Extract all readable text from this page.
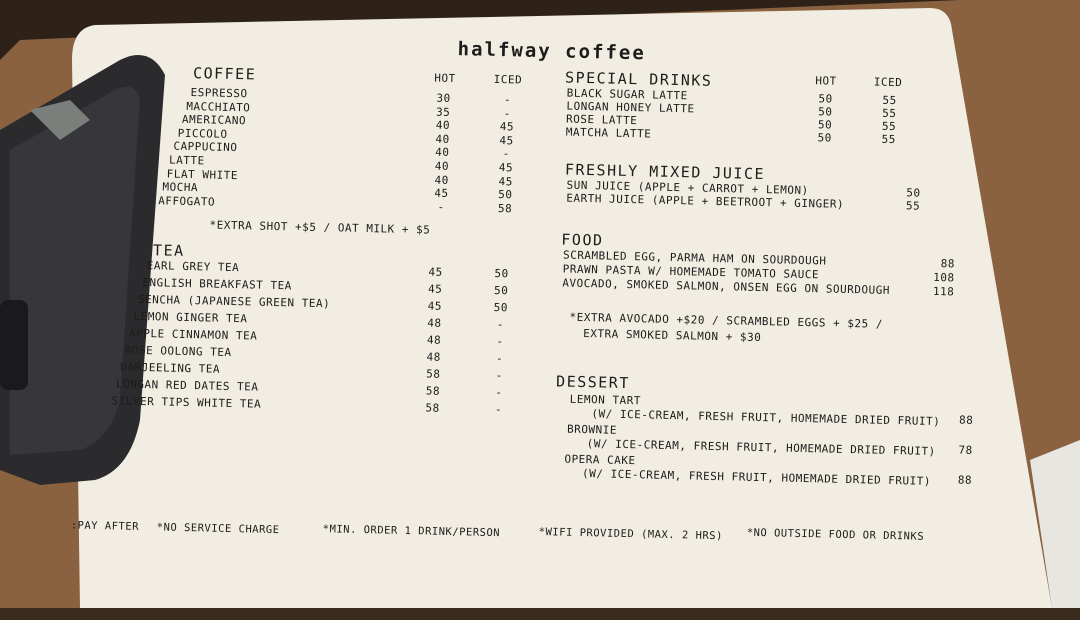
halfway coffee
COFFEE	HOT	ICED
ESPRESSO	30	-
MACCHIATO	35	-
AMERICANO	40	45
PICCOLO	40	45
CAPPUCINO	40	-
LATTE	40	45
FLAT WHITE	40	45
MOCHA	45	50
AFFOGATO	-	58
*EXTRA SHOT +$5 / OAT MILK + $5
TEA
EARL GREY TEA	45	50
ENGLISH BREAKFAST TEA	45	50
SENCHA (JAPANESE GREEN TEA)	45	50
LEMON GINGER TEA	48	-
APPLE CINNAMON TEA	48	-
ROSE OOLONG TEA	48	-
DARJEELING TEA	58	-
LONGAN RED DATES TEA	58	-
SILVER TIPS WHITE TEA	58	-
SPECIAL DRINKS	HOT	ICED
BLACK SUGAR LATTE	50	55
LONGAN HONEY LATTE	50	55
ROSE LATTE	50	55
MATCHA LATTE	50	55
FRESHLY MIXED JUICE
SUN JUICE (APPLE + CARROT + LEMON)	50
EARTH JUICE (APPLE + BEETROOT + GINGER)	55
FOOD
SCRAMBLED EGG, PARMA HAM ON SOURDOUGH	88
PRAWN PASTA W/ HOMEMADE TOMATO SAUCE	108
AVOCADO, SMOKED SALMON, ONSEN EGG ON SOURDOUGH	118
*EXTRA AVOCADO +$20 / SCRAMBLED EGGS + $25 /
EXTRA SMOKED SALMON + $30
DESSERT
LEMON TART
(W/ ICE-CREAM, FRESH FRUIT, HOMEMADE DRIED FRUIT)	88
BROWNIE
(W/ ICE-CREAM, FRESH FRUIT, HOMEMADE DRIED FRUIT)	78
OPERA CAKE
(W/ ICE-CREAM, FRESH FRUIT, HOMEMADE DRIED FRUIT)	88
:PAY AFTER *NO SERVICE CHARGE	*MIN. ORDER 1 DRINK/PERSON	*WIFI PROVIDED (MAX. 2 HRS) *NO OUTSIDE FOOD OR DRINKS
